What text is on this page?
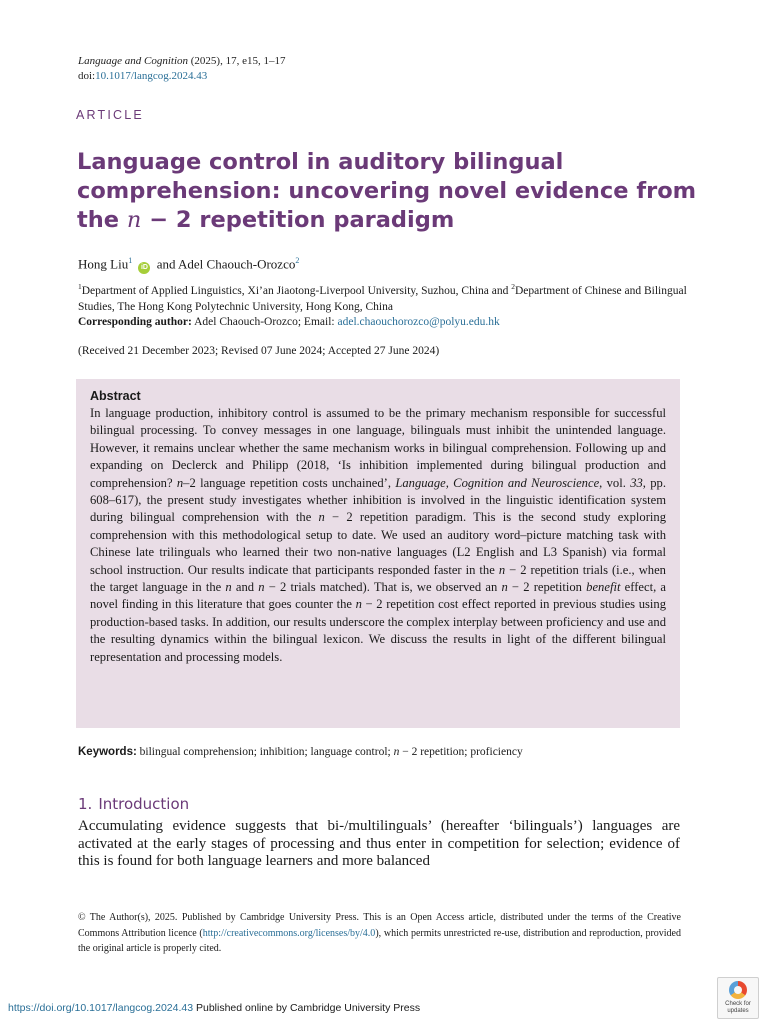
Language and Cognition (2025), 17, e15, 1–17
doi:10.1017/langcog.2024.43
ARTICLE
Language control in auditory bilingual
comprehension: uncovering novel evidence from
the n − 2 repetition paradigm
Hong Liu$^1$ iD and Adel Chaouch-Orozco$^2$
$^1$Department of Applied Linguistics, Xi’an Jiaotong-Liverpool University, Suzhou, China and $^2$Department of Chinese and Bilingual Studies, The Hong Kong Polytechnic University, Hong Kong, China
Corresponding author: Adel Chaouch-Orozco; Email: adel.chaouchorozco@polyu.edu.hk
(Received 21 December 2023; Revised 07 June 2024; Accepted 27 June 2024)
Abstract
In language production, inhibitory control is assumed to be the primary mechanism responsible for successful bilingual processing. To convey messages in one language, bilinguals must inhibit the unintended language. However, it remains unclear whether the same mechanism works in bilingual comprehension. Following up and expanding on Declerck and Philipp (2018, ‘Is inhibition implemented during bilingual production and comprehension? n–2 language repetition costs unchained’, Language, Cognition and Neuroscience, vol. 33, pp. 608–617), the present study investigates whether inhibition is involved in the linguistic identification system during bilingual comprehension with the n − 2 repetition paradigm. This is the second study exploring comprehension with this methodological setup to date. We used an auditory word–picture matching task with Chinese late trilinguals who learned their two non-native languages (L2 English and L3 Spanish) via formal school instruction. Our results indicate that participants responded faster in the n − 2 repetition trials (i.e., when the target language in the n and n − 2 trials matched). That is, we observed an n − 2 repetition benefit effect, a novel finding in this literature that goes counter the n − 2 repetition cost effect reported in previous studies using production-based tasks. In addition, our results underscore the complex interplay between proficiency and use and the resulting dynamics within the bilingual lexicon. We discuss the results in light of the different bilingual representation and processing models.
Keywords: bilingual comprehension; inhibition; language control; n − 2 repetition; proficiency
1. Introduction
Accumulating evidence suggests that bi-/multilinguals’ (hereafter ‘bilinguals’) languages are activated at the early stages of processing and thus enter in competition for selection; evidence of this is found for both language learners and more balanced
© The Author(s), 2025. Published by Cambridge University Press. This is an Open Access article, distributed under the terms of the Creative Commons Attribution licence (http://creativecommons.org/licenses/by/4.0), which permits unrestricted re-use, distribution and reproduction, provided the original article is properly cited.
https://doi.org/10.1017/langcog.2024.43 Published online by Cambridge University Press	Check for
updates
